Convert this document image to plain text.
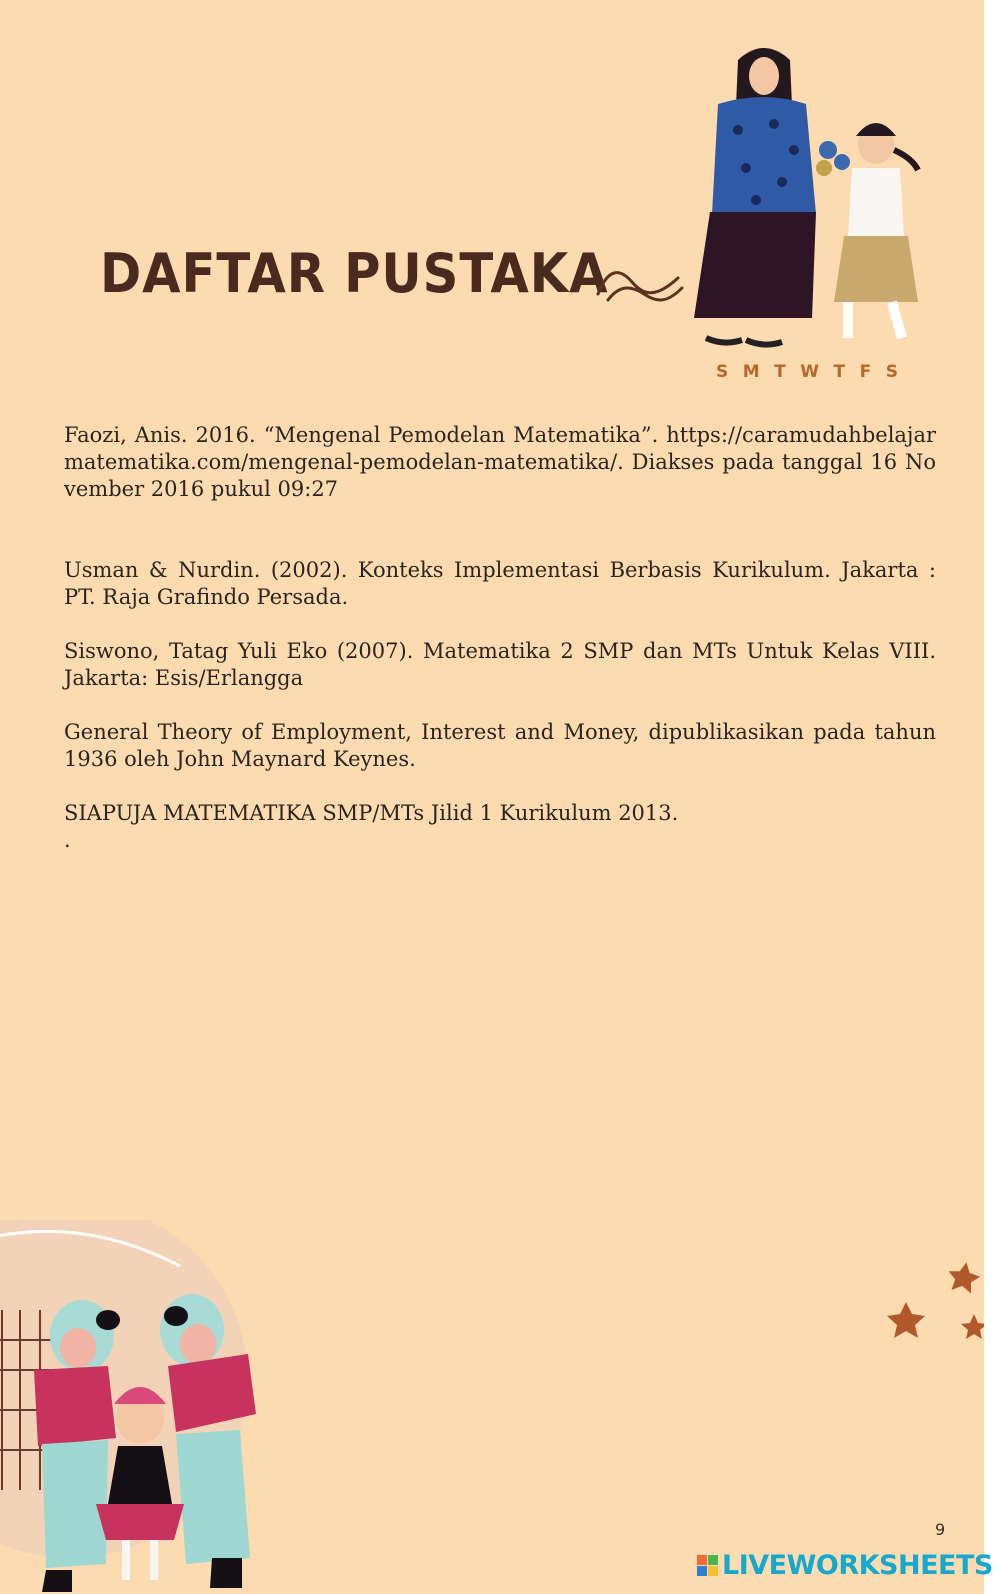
DAFTAR PUSTAKA
S M T W T F S

Faozi, Anis. 2016. “Mengenal Pemodelan Matematika”. https://caramudahbelajarmatematika.com/mengenal-pemodelan-matematika/. Diakses pada tanggal 16 November 2016 pukul 09:27

Usman & Nurdin. (2002). Konteks Implementasi Berbasis Kurikulum. Jakarta : PT. Raja Grafindo Persada.

Siswono, Tatag Yuli Eko (2007). Matematika 2 SMP dan MTs Untuk Kelas VIII. Jakarta: Esis/Erlangga

General Theory of Employment, Interest and Money, dipublikasikan pada tahun 1936 oleh John Maynard Keynes.

SIAPUJA MATEMATIKA SMP/MTs Jilid 1 Kurikulum 2013.

.

9
LIVEWORKSHEETS
